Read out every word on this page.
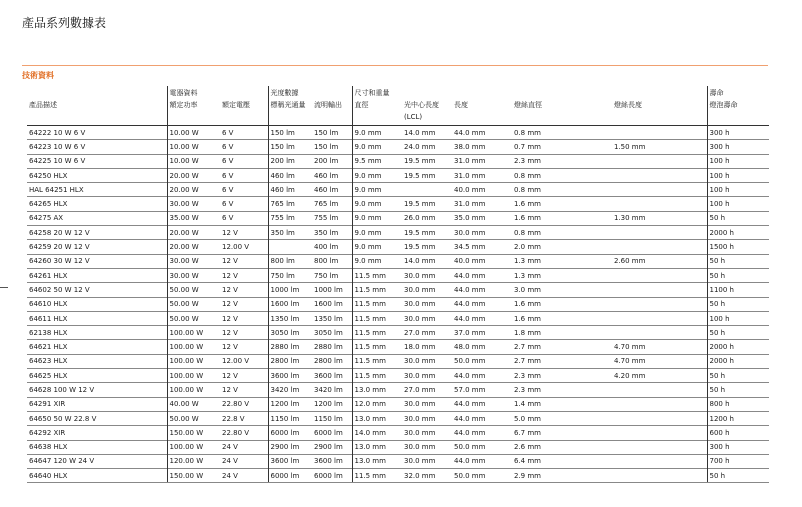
產品系列數據表
技術資料
	電器資料		光度數據		尺寸和重量					壽命
產品描述	額定功率	額定電壓	標稱光通量	流明輸出	直徑	光中心長度 (LCL)	長度	燈絲直徑	燈絲長度	燈泡壽命
64222 10 W 6 V	10.00 W	6 V	150 lm	150 lm	9.0 mm	14.0 mm	44.0 mm	0.8 mm		300 h
64223 10 W 6 V	10.00 W	6 V	150 lm	150 lm	9.0 mm	24.0 mm	38.0 mm	0.7 mm	1.50 mm	300 h
64225 10 W 6 V	10.00 W	6 V	200 lm	200 lm	9.5 mm	19.5 mm	31.0 mm	2.3 mm		100 h
64250 HLX	20.00 W	6 V	460 lm	460 lm	9.0 mm	19.5 mm	31.0 mm	0.8 mm		100 h
HAL 64251 HLX	20.00 W	6 V	460 lm	460 lm	9.0 mm		40.0 mm	0.8 mm		100 h
64265 HLX	30.00 W	6 V	765 lm	765 lm	9.0 mm	19.5 mm	31.0 mm	1.6 mm		100 h
64275 AX	35.00 W	6 V	755 lm	755 lm	9.0 mm	26.0 mm	35.0 mm	1.6 mm	1.30 mm	50 h
64258 20 W 12 V	20.00 W	12 V	350 lm	350 lm	9.0 mm	19.5 mm	30.0 mm	0.8 mm		2000 h
64259 20 W 12 V	20.00 W	12.00 V		400 lm	9.0 mm	19.5 mm	34.5 mm	2.0 mm		1500 h
64260 30 W 12 V	30.00 W	12 V	800 lm	800 lm	9.0 mm	14.0 mm	40.0 mm	1.3 mm	2.60 mm	50 h
64261 HLX	30.00 W	12 V	750 lm	750 lm	11.5 mm	30.0 mm	44.0 mm	1.3 mm		50 h
64602 50 W 12 V	50.00 W	12 V	1000 lm	1000 lm	11.5 mm	30.0 mm	44.0 mm	3.0 mm		1100 h
64610 HLX	50.00 W	12 V	1600 lm	1600 lm	11.5 mm	30.0 mm	44.0 mm	1.6 mm		50 h
64611 HLX	50.00 W	12 V	1350 lm	1350 lm	11.5 mm	30.0 mm	44.0 mm	1.6 mm		100 h
62138 HLX	100.00 W	12 V	3050 lm	3050 lm	11.5 mm	27.0 mm	37.0 mm	1.8 mm		50 h
64621 HLX	100.00 W	12 V	2880 lm	2880 lm	11.5 mm	18.0 mm	48.0 mm	2.7 mm	4.70 mm	2000 h
64623 HLX	100.00 W	12.00 V	2800 lm	2800 lm	11.5 mm	30.0 mm	50.0 mm	2.7 mm	4.70 mm	2000 h
64625 HLX	100.00 W	12 V	3600 lm	3600 lm	11.5 mm	30.0 mm	44.0 mm	2.3 mm	4.20 mm	50 h
64628 100 W 12 V	100.00 W	12 V	3420 lm	3420 lm	13.0 mm	27.0 mm	57.0 mm	2.3 mm		50 h
64291 XIR	40.00 W	22.80 V	1200 lm	1200 lm	12.0 mm	30.0 mm	44.0 mm	1.4 mm		800 h
64650 50 W 22.8 V	50.00 W	22.8 V	1150 lm	1150 lm	13.0 mm	30.0 mm	44.0 mm	5.0 mm		1200 h
64292 XIR	150.00 W	22.80 V	6000 lm	6000 lm	14.0 mm	30.0 mm	44.0 mm	6.7 mm		600 h
64638 HLX	100.00 W	24 V	2900 lm	2900 lm	13.0 mm	30.0 mm	50.0 mm	2.6 mm		300 h
64647 120 W 24 V	120.00 W	24 V	3600 lm	3600 lm	13.0 mm	30.0 mm	44.0 mm	6.4 mm		700 h
64640 HLX	150.00 W	24 V	6000 lm	6000 lm	11.5 mm	32.0 mm	50.0 mm	2.9 mm		50 h
